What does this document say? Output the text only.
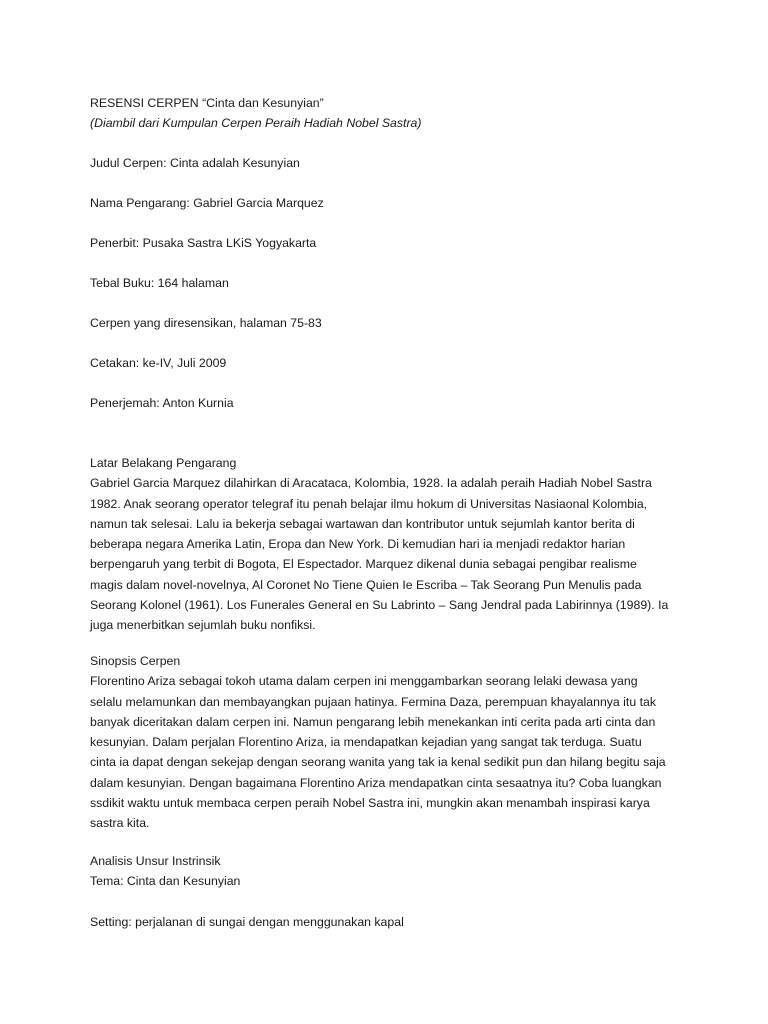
RESENSI CERPEN “Cinta dan Kesunyian”
(Diambil dari Kumpulan Cerpen Peraih Hadiah Nobel Sastra)
Judul Cerpen: Cinta adalah Kesunyian
Nama Pengarang: Gabriel Garcia Marquez
Penerbit: Pusaka Sastra LKiS Yogyakarta
Tebal Buku: 164 halaman
Cerpen yang diresensikan, halaman 75-83
Cetakan: ke-IV, Juli 2009
Penerjemah: Anton Kurnia

Latar Belakang Pengarang

Gabriel Garcia Marquez dilahirkan di Aracataca, Kolombia, 1928. Ia adalah peraih Hadiah Nobel Sastra

1982. Anak seorang operator telegraf itu penah belajar ilmu hokum di Universitas Nasiaonal Kolombia,

namun tak selesai. Lalu ia bekerja sebagai wartawan dan kontributor untuk sejumlah kantor berita di

beberapa negara Amerika Latin, Eropa dan New York. Di kemudian hari ia menjadi redaktor harian

berpengaruh yang terbit di Bogota, El Espectador. Marquez dikenal dunia sebagai pengibar realisme

magis dalam novel-novelnya, Al Coronet No Tiene Quien Ie Escriba – Tak Seorang Pun Menulis pada

Seorang Kolonel (1961). Los Funerales General en Su Labrinto – Sang Jendral pada Labirinnya (1989). Ia

juga menerbitkan sejumlah buku nonfiksi.

Sinopsis Cerpen

Florentino Ariza sebagai tokoh utama dalam cerpen ini menggambarkan seorang lelaki dewasa yang

selalu melamunkan dan membayangkan pujaan hatinya. Fermina Daza, perempuan khayalannya itu tak

banyak diceritakan dalam cerpen ini. Namun pengarang lebih menekankan inti cerita pada arti cinta dan

kesunyian. Dalam perjalan Florentino Ariza, ia mendapatkan kejadian yang sangat tak terduga. Suatu

cinta ia dapat dengan sekejap dengan seorang wanita yang tak ia kenal sedikit pun dan hilang begitu saja

dalam kesunyian. Dengan bagaimana Florentino Ariza mendapatkan cinta sesaatnya itu? Coba luangkan

ssdikit waktu untuk membaca cerpen peraih Nobel Sastra ini, mungkin akan menambah inspirasi karya

sastra kita.

Analisis Unsur Instrinsik

Tema: Cinta dan Kesunyian

Setting: perjalanan di sungai dengan menggunakan kapal
